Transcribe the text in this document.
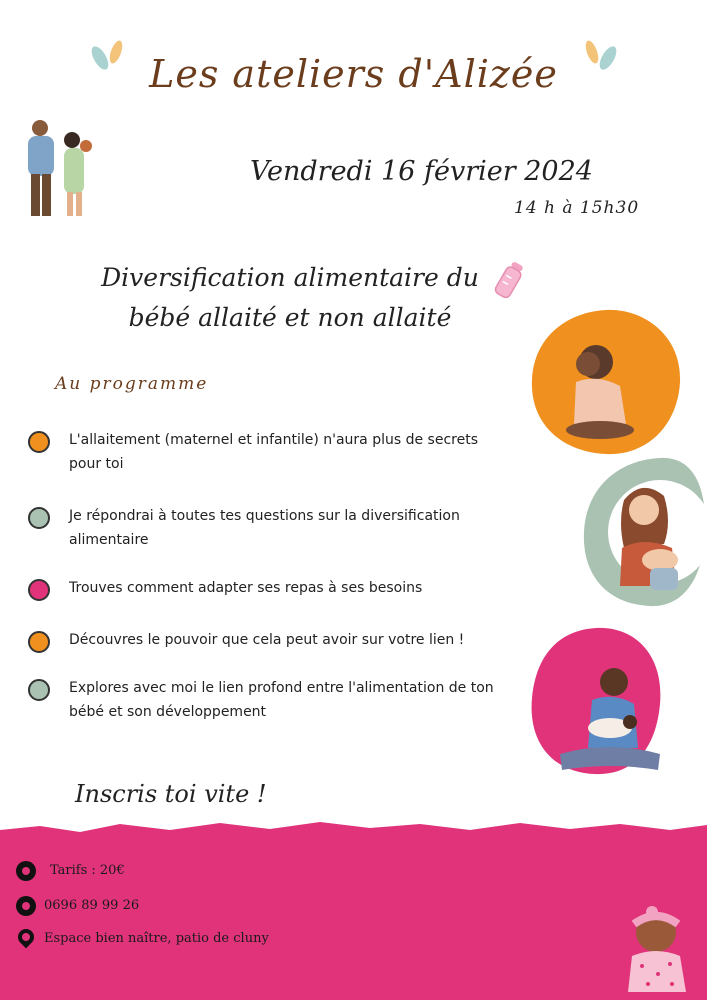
Les ateliers d'Alizée
Vendredi 16 février 2024
14 h à 15h30
Diversification alimentaire du
bébé allaité et non allaité
Au programme
L'allaitement (maternel et infantile) n'aura plus de secrets pour toi
Je répondrai à toutes tes questions sur la diversification alimentaire
Trouves comment adapter ses repas à ses besoins
Découvres le pouvoir que cela peut avoir sur votre lien !
Explores avec moi le lien profond entre l'alimentation de ton bébé et son développement
Inscris toi vite !
Tarifs : 20€
0696 89 99 26
Espace bien naître, patio de cluny
